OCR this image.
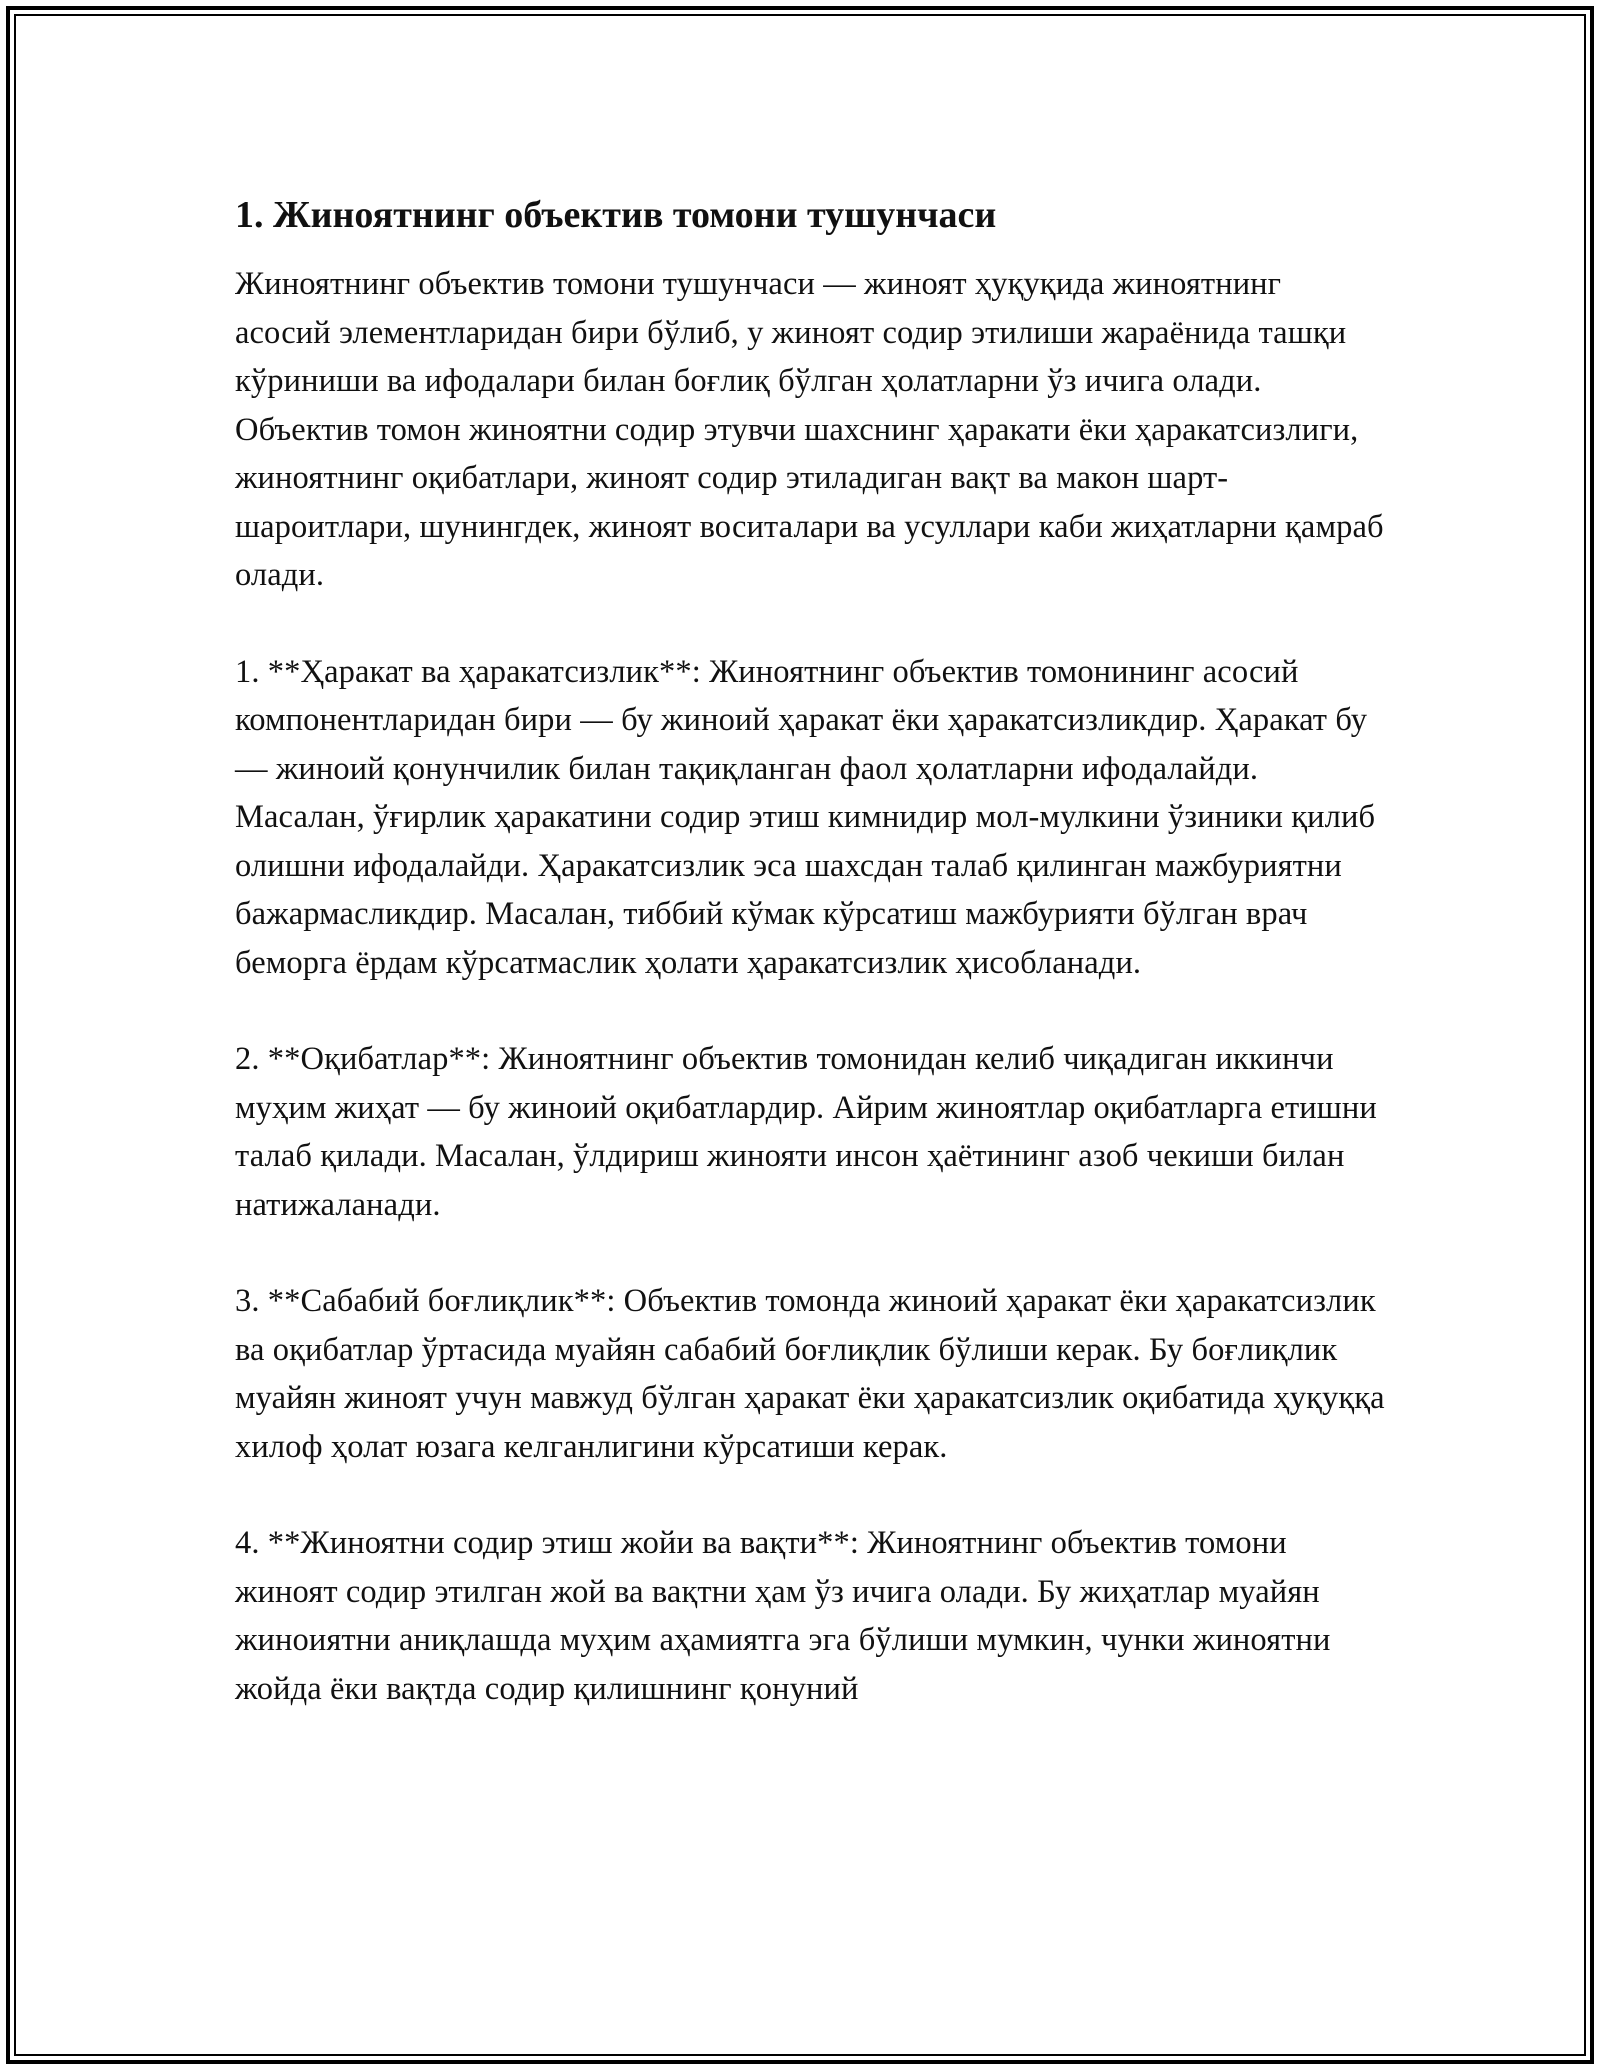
1. Жиноятнинг объектив томони тушунчаси

Жиноятнинг объектив томони тушунчаси — жиноят ҳуқуқида жиноятнинг асосий элементларидан бири бўлиб, у жиноят содир этилиши жараёнида ташқи кўриниши ва ифодалари билан боғлиқ бўлган ҳолатларни ўз ичига олади. Объектив томон жиноятни содир этувчи шахснинг ҳаракати ёки ҳаракатсизлиги, жиноятнинг оқибатлари, жиноят содир этиладиган вақт ва макон шарт-шароитлари, шунингдек, жиноят воситалари ва усуллари каби жиҳатларни қамраб олади.

1. **Ҳаракат ва ҳаракатсизлик**: Жиноятнинг объектив томонининг асосий компонентларидан бири — бу жиноий ҳаракат ёки ҳаракатсизликдир. Ҳаракат бу — жиноий қонунчилик билан тақиқланган фаол ҳолатларни ифодалайди. Масалан, ўғирлик ҳаракатини содир этиш кимнидир мол-мулкини ўзиники қилиб олишни ифодалайди. Ҳаракатсизлик эса шахсдан талаб қилинган мажбуриятни бажармасликдир. Масалан, тиббий кўмак кўрсатиш мажбурияти бўлган врач беморга ёрдам кўрсатмаслик ҳолати ҳаракатсизлик ҳисобланади.

2. **Оқибатлар**: Жиноятнинг объектив томонидан келиб чиқадиган иккинчи муҳим жиҳат — бу жиноий оқибатлардир. Айрим жиноятлар оқибатларга етишни талаб қилади. Масалан, ўлдириш жинояти инсон ҳаётининг азоб чекиши билан натижаланади.

3. **Сабабий боғлиқлик**: Объектив томонда жиноий ҳаракат ёки ҳаракатсизлик ва оқибатлар ўртасида муайян сабабий боғлиқлик бўлиши керак. Бу боғлиқлик муайян жиноят учун мавжуд бўлган ҳаракат ёки ҳаракатсизлик оқибатида ҳуқуққа хилоф ҳолат юзага келганлигини кўрсатиши керак.

4. **Жиноятни содир этиш жойи ва вақти**: Жиноятнинг объектив томони жиноят содир этилган жой ва вақтни ҳам ўз ичига олади. Бу жиҳатлар муайян жиноиятни аниқлашда муҳим аҳамиятга эга бўлиши мумкин, чунки жиноятни жойда ёки вақтда содир қилишнинг қонуний
